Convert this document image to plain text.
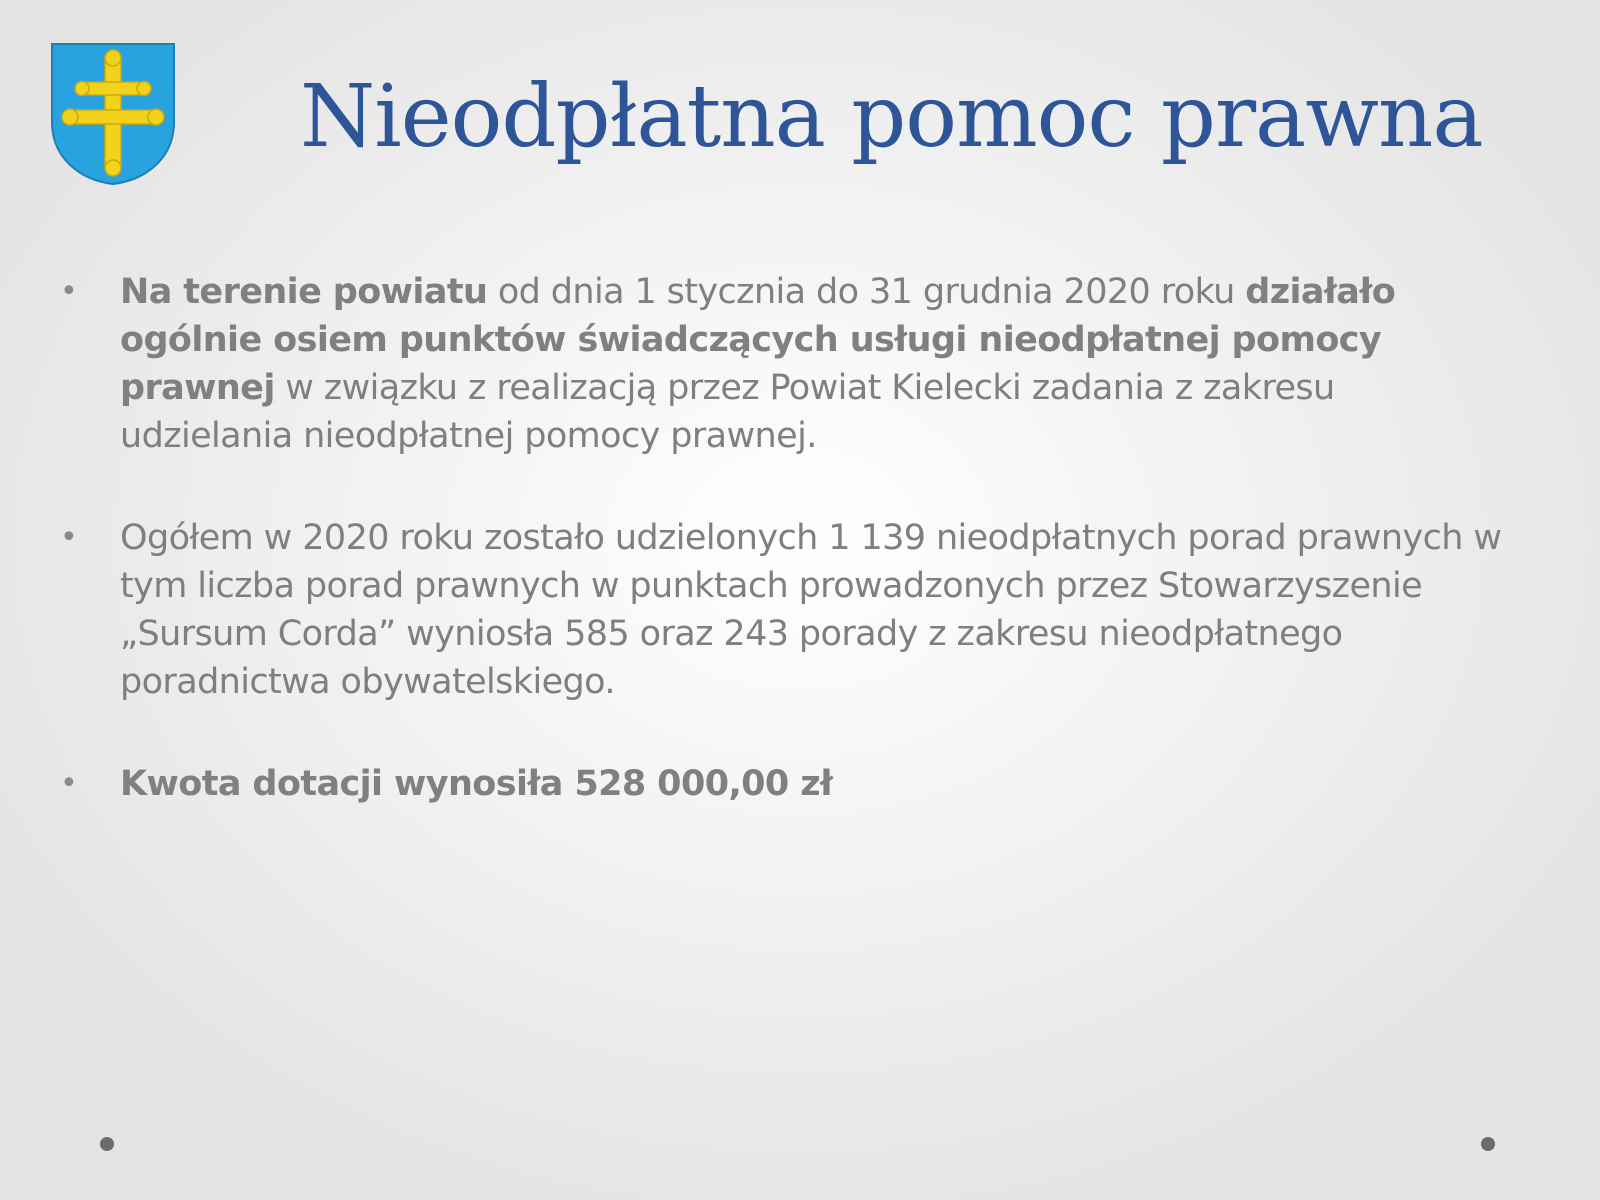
Nieodpłatna pomoc prawna
• Na terenie powiatu od dnia 1 stycznia do 31 grudnia 2020 roku działało ogólnie osiem punktów świadczących usługi nieodpłatnej pomocy prawnej w związku z realizacją przez Powiat Kielecki zadania z zakresu udzielania nieodpłatnej pomocy prawnej.
• Ogółem w 2020 roku zostało udzielonych 1 139 nieodpłatnych porad prawnych w tym liczba porad prawnych w punktach prowadzonych przez Stowarzyszenie „Sursum Corda” wyniosła 585 oraz 243 porady z zakresu nieodpłatnego poradnictwa obywatelskiego.
• Kwota dotacji wynosiła 528 000,00 zł
